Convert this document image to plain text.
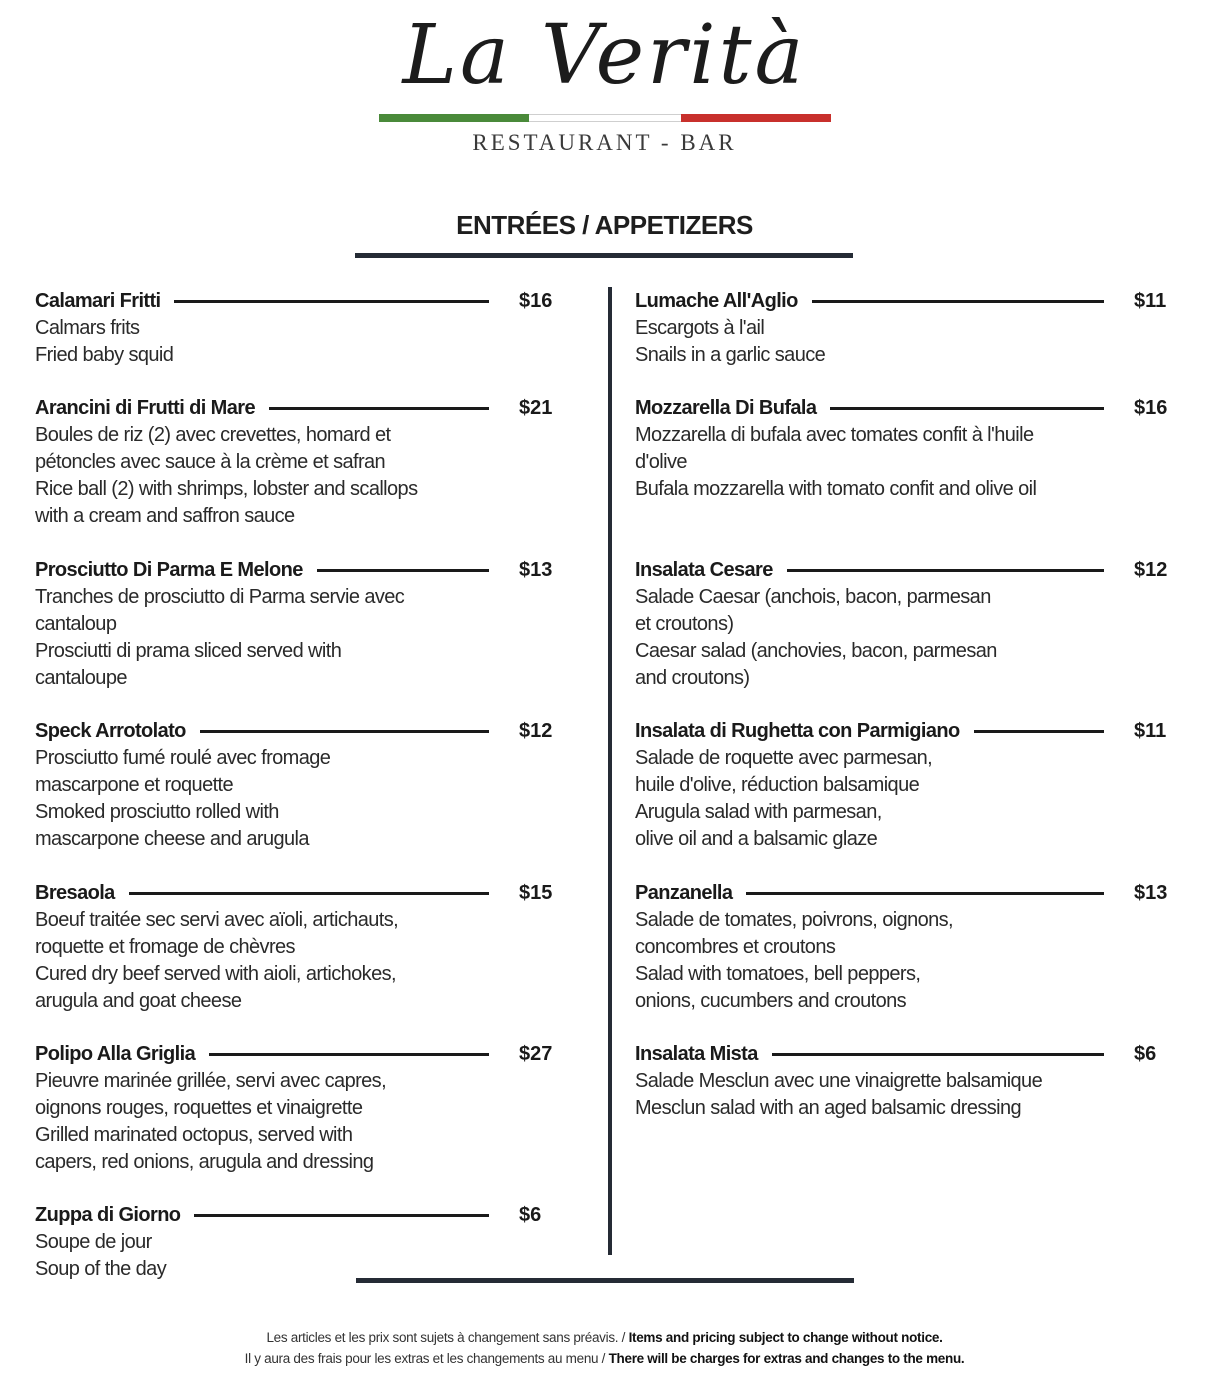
La Verità
RESTAURANT - BAR
ENTRÉES / APPETIZERS
Calamari Fritti	$16
Calmars frits
Fried baby squid
Arancini di Frutti di Mare	$21
Boules de riz (2) avec crevettes, homard et
pétoncles avec sauce à la crème et safran
Rice ball (2) with shrimps, lobster and scallops
with a cream and saffron sauce
Prosciutto Di Parma E Melone	$13
Tranches de prosciutto di Parma servie avec
cantaloup
Prosciutti di prama sliced served with
cantaloupe
Speck Arrotolato	$12
Prosciutto fumé roulé avec fromage
mascarpone et roquette
Smoked prosciutto rolled with
mascarpone cheese and arugula
Bresaola	$15
Boeuf traitée sec servi avec aïoli, artichauts,
roquette et fromage de chèvres
Cured dry beef served with aioli, artichokes,
arugula and goat cheese
Polipo Alla Griglia	$27
Pieuvre marinée grillée, servi avec capres,
oignons rouges, roquettes et vinaigrette
Grilled marinated octopus, served with
capers, red onions, arugula and dressing
Zuppa di Giorno	$6
Soupe de jour
Soup of the day
Lumache All'Aglio	$11
Escargots à l'ail
Snails in a garlic sauce
Mozzarella Di Bufala	$16
Mozzarella di bufala avec tomates confit à l'huile
d'olive
Bufala mozzarella with tomato confit and olive oil
Insalata Cesare	$12
Salade Caesar (anchois, bacon, parmesan
et croutons)
Caesar salad (anchovies, bacon, parmesan
and croutons)
Insalata di Rughetta con Parmigiano	$11
Salade de roquette avec parmesan,
huile d'olive, réduction balsamique
Arugula salad with parmesan,
olive oil and a balsamic glaze
Panzanella	$13
Salade de tomates, poivrons, oignons,
concombres et croutons
Salad with tomatoes, bell peppers,
onions, cucumbers and croutons
Insalata Mista	$6
Salade Mesclun avec une vinaigrette balsamique
Mesclun salad with an aged balsamic dressing
Les articles et les prix sont sujets à changement sans préavis. / Items and pricing subject to change without notice.
Il y aura des frais pour les extras et les changements au menu / There will be charges for extras and changes to the menu.
